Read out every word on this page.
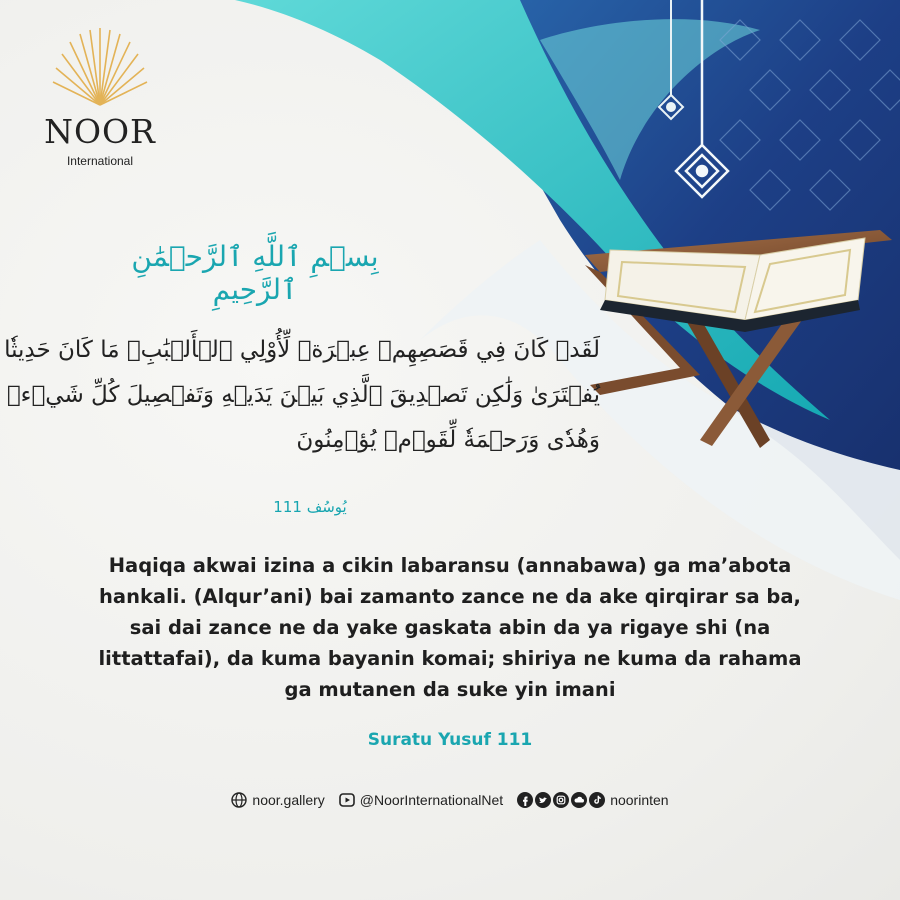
NOOR
International
بِسۡمِ ٱللَّهِ ٱلرَّحۡمَٰنِ ٱلرَّحِيمِ
لَقَدۡ كَانَ فِي قَصَصِهِمۡ عِبۡرَةٞ لِّأُوْلِي ٱلۡأَلۡبَٰبِۗ مَا كَانَ حَدِيثٗا
يُفۡتَرَىٰ وَلَٰكِن تَصۡدِيقَ ٱلَّذِي بَيۡنَ يَدَيۡهِ وَتَفۡصِيلَ كُلِّ شَيۡءٖ
وَهُدٗى وَرَحۡمَةٗ لِّقَوۡمٖ يُؤۡمِنُونَ
يُوسُف 111
Haqiqa akwai izina a cikin labaransu (annabawa) ga ma’abota
hankali. (Alqur’ani) bai zamanto zance ne da ake qirqirar sa ba,
sai dai zance ne da yake gaskata abin da ya rigaye shi (na
littattafai), da kuma bayanin komai; shiriya ne kuma da rahama
ga mutanen da suke yin imani
Suratu Yusuf 111
noor.gallery	@NoorInternationalNet	noorinten
